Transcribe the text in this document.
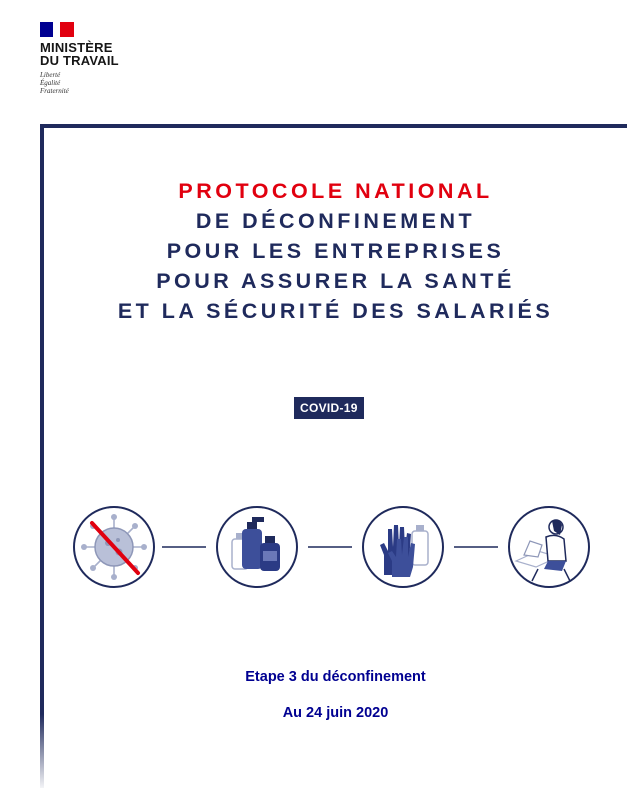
MINISTÈRE
DU TRAVAIL
Liberté
Égalité
Fraternité
PROTOCOLE NATIONAL
DE DÉCONFINEMENT
POUR LES ENTREPRISES
POUR ASSURER LA SANTÉ
ET LA SÉCURITÉ DES SALARIÉS
COVID-19
Etape 3 du déconfinement
Au 24 juin 2020
